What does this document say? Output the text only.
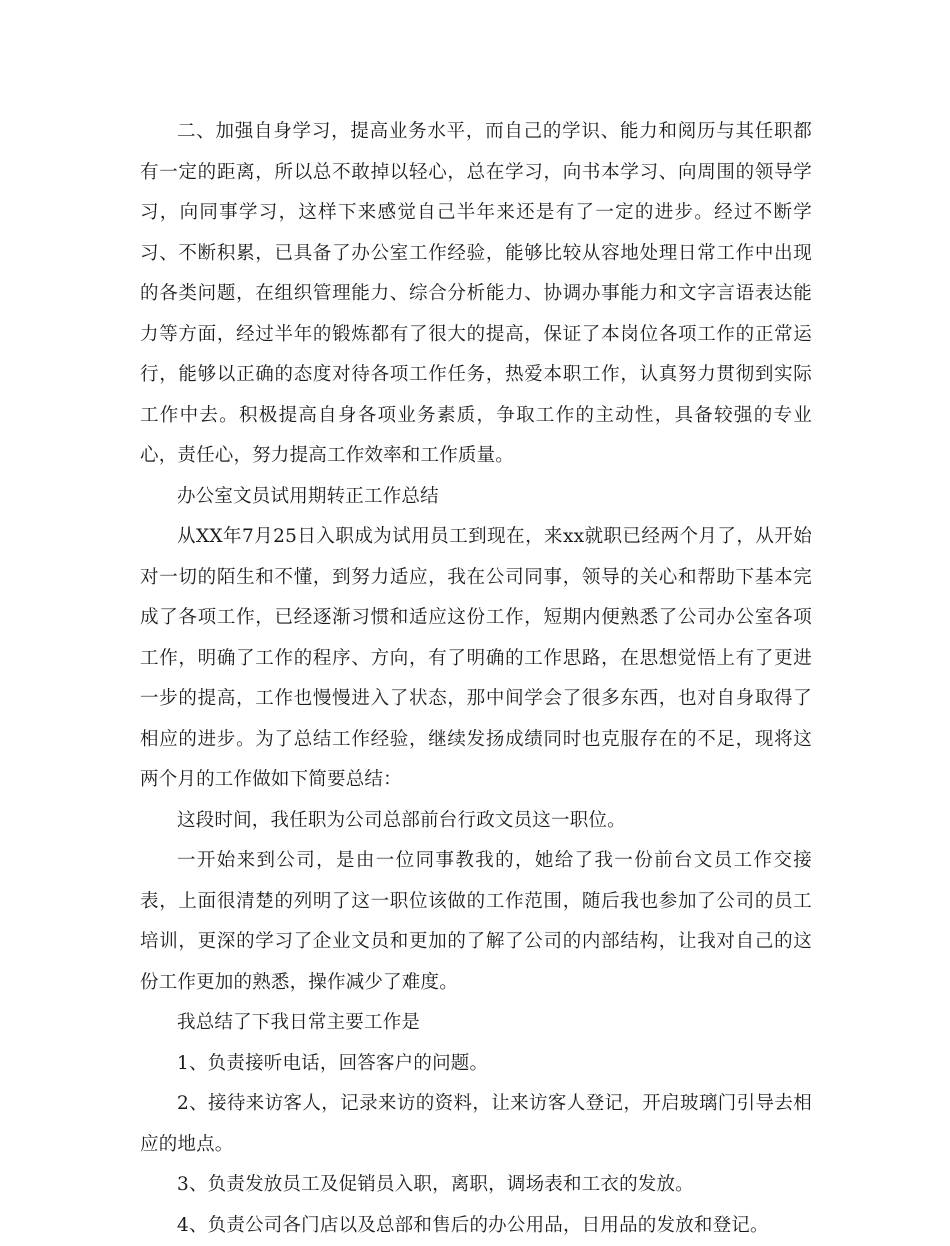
二、加强自身学习，提高业务水平，而自己的学识、能力和阅历与其任职都有一定的距离，所以总不敢掉以轻心，总在学习，向书本学习、向周围的领导学习，向同事学习，这样下来感觉自己半年来还是有了一定的进步。经过不断学习、不断积累，已具备了办公室工作经验，能够比较从容地处理日常工作中出现的各类问题，在组织管理能力、综合分析能力、协调办事能力和文字言语表达能力等方面，经过半年的锻炼都有了很大的提高，保证了本岗位各项工作的正常运行，能够以正确的态度对待各项工作任务，热爱本职工作，认真努力贯彻到实际工作中去。积极提高自身各项业务素质，争取工作的主动性，具备较强的专业心，责任心，努力提高工作效率和工作质量。

办公室文员试用期转正工作总结

从XX年7月25日入职成为试用员工到现在，来xx就职已经两个月了，从开始对一切的陌生和不懂，到努力适应，我在公司同事，领导的关心和帮助下基本完成了各项工作，已经逐渐习惯和适应这份工作，短期内便熟悉了公司办公室各项工作，明确了工作的程序、方向，有了明确的工作思路，在思想觉悟上有了更进一步的提高，工作也慢慢进入了状态，那中间学会了很多东西，也对自身取得了相应的进步。为了总结工作经验，继续发扬成绩同时也克服存在的不足，现将这两个月的工作做如下简要总结：

这段时间，我任职为公司总部前台行政文员这一职位。

一开始来到公司，是由一位同事教我的，她给了我一份前台文员工作交接表，上面很清楚的列明了这一职位该做的工作范围，随后我也参加了公司的员工培训，更深的学习了企业文员和更加的了解了公司的内部结构，让我对自己的这份工作更加的熟悉，操作减少了难度。

我总结了下我日常主要工作是

1、负责接听电话，回答客户的问题。

2、接待来访客人，记录来访的资料，让来访客人登记，开启玻璃门引导去相应的地点。

3、负责发放员工及促销员入职，离职，调场表和工衣的发放。

4、负责公司各门店以及总部和售后的办公用品，日用品的发放和登记。
